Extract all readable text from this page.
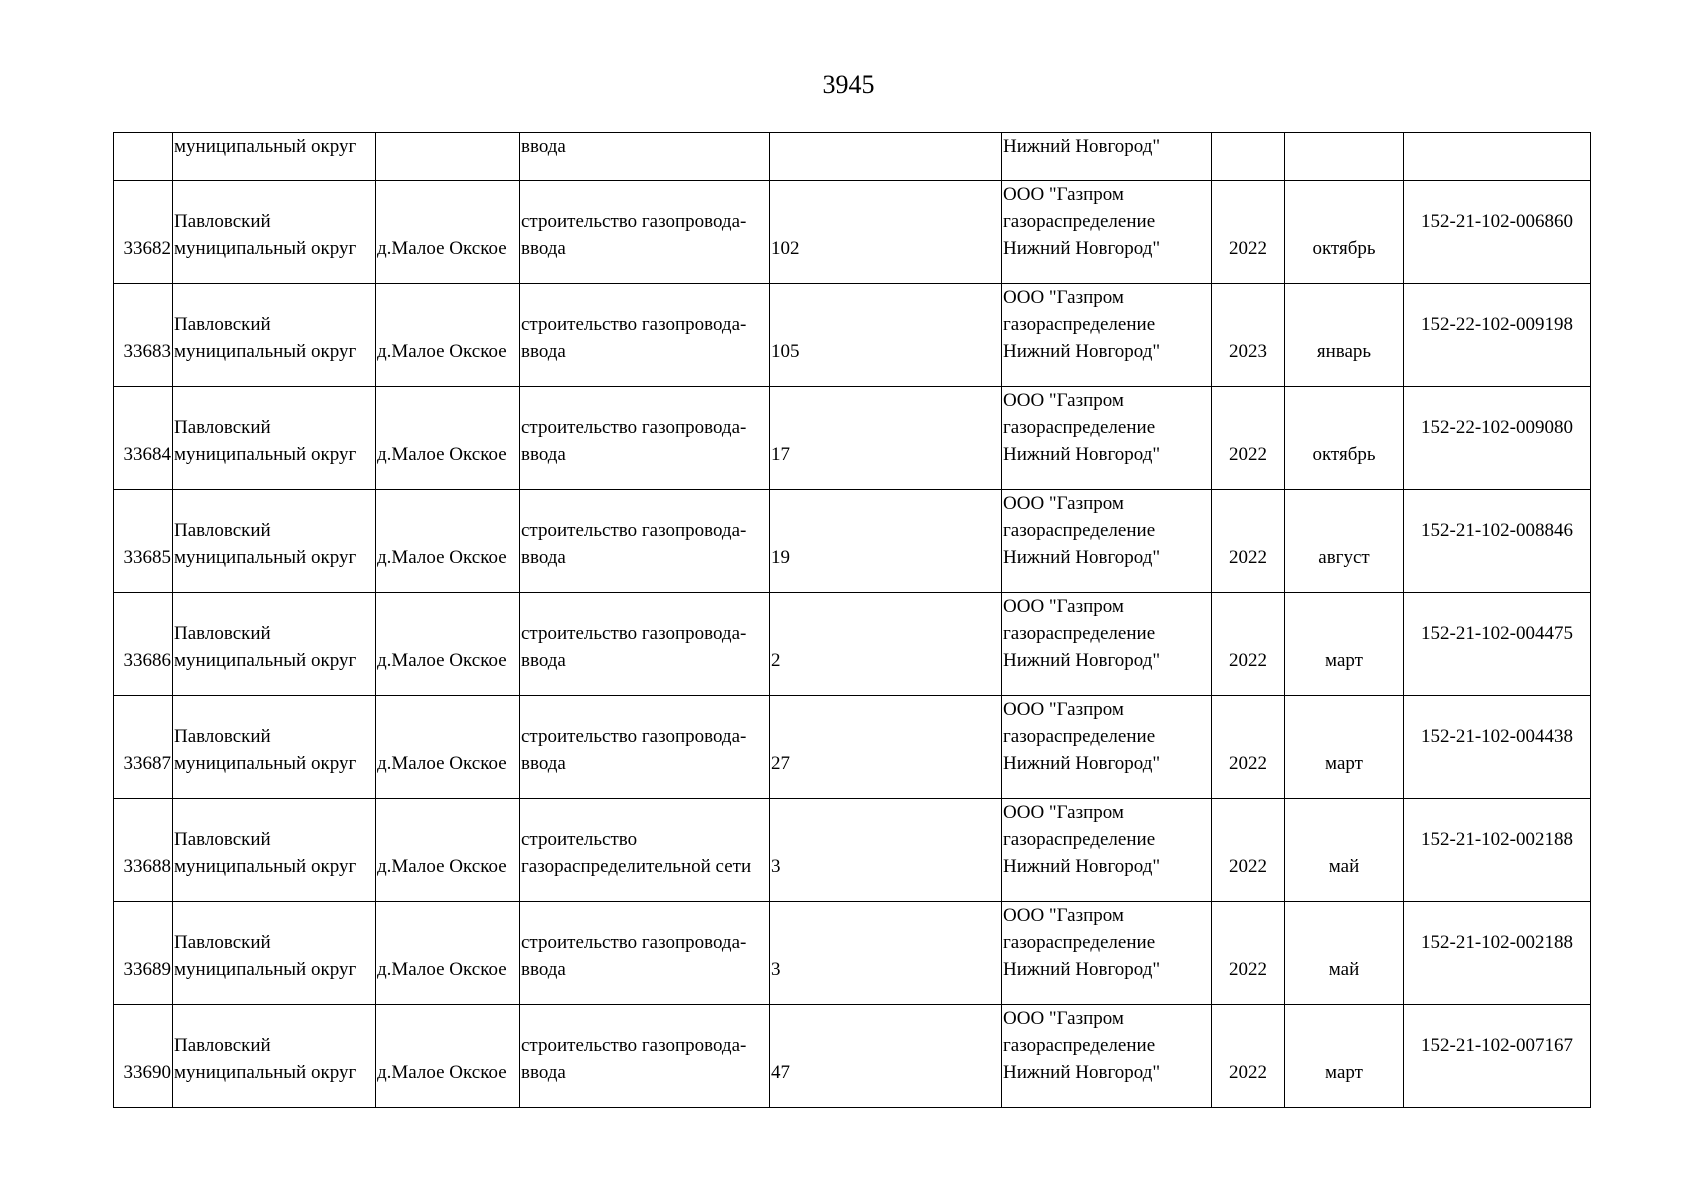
3945

	муниципальный округ		ввода		Нижний Новгород"			

33682	Павловский
муниципальный округ	д.Малое Окское	строительство газопровода-
ввода	102	ООО "Газпром
газораспределение
Нижний Новгород"	2022	октябрь	152-21-102-006860

33683	Павловский
муниципальный округ	д.Малое Окское	строительство газопровода-
ввода	105	ООО "Газпром
газораспределение
Нижний Новгород"	2023	январь	152-22-102-009198

33684	Павловский
муниципальный округ	д.Малое Окское	строительство газопровода-
ввода	17	ООО "Газпром
газораспределение
Нижний Новгород"	2022	октябрь	152-22-102-009080

33685	Павловский
муниципальный округ	д.Малое Окское	строительство газопровода-
ввода	19	ООО "Газпром
газораспределение
Нижний Новгород"	2022	август	152-21-102-008846

33686	Павловский
муниципальный округ	д.Малое Окское	строительство газопровода-
ввода	2	ООО "Газпром
газораспределение
Нижний Новгород"	2022	март	152-21-102-004475

33687	Павловский
муниципальный округ	д.Малое Окское	строительство газопровода-
ввода	27	ООО "Газпром
газораспределение
Нижний Новгород"	2022	март	152-21-102-004438

33688	Павловский
муниципальный округ	д.Малое Окское	строительство
газораспределительной сети	3	ООО "Газпром
газораспределение
Нижний Новгород"	2022	май	152-21-102-002188

33689	Павловский
муниципальный округ	д.Малое Окское	строительство газопровода-
ввода	3	ООО "Газпром
газораспределение
Нижний Новгород"	2022	май	152-21-102-002188

33690	Павловский
муниципальный округ	д.Малое Окское	строительство газопровода-
ввода	47	ООО "Газпром
газораспределение
Нижний Новгород"	2022	март	152-21-102-007167
